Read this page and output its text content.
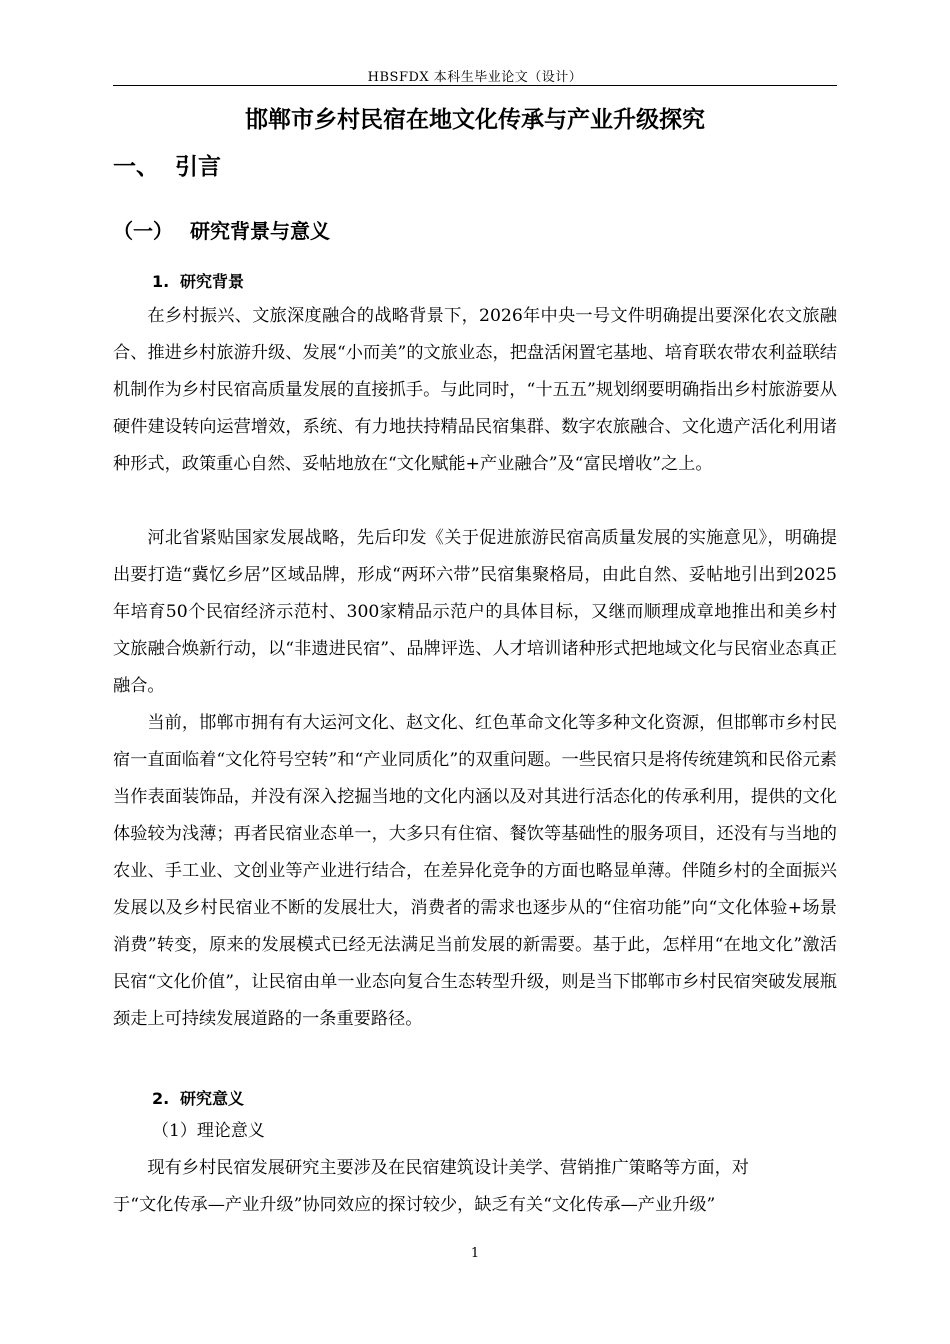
HBSFDX 本科生毕业论文（设计）
邯郸市乡村民宿在地文化传承与产业升级探究
一、 引言
（一） 研究背景与意义
1. 研究背景

在乡村振兴、文旅深度融合的战略背景下，2026年中央一号文件明确提出要深化农文旅融合、推进乡村旅游升级、发展“小而美”的文旅业态，把盘活闲置宅基地、培育联农带农利益联结机制作为乡村民宿高质量发展的直接抓手。与此同时，“十五五”规划纲要明确指出乡村旅游要从硬件建设转向运营增效，系统、有力地扶持精品民宿集群、数字农旅融合、文化遗产活化利用诸种形式，政策重心自然、妥帖地放在“文化赋能+产业融合”及“富民增收”之上。

河北省紧贴国家发展战略，先后印发《关于促进旅游民宿高质量发展的实施意见》，明确提出要打造“冀忆乡居”区域品牌，形成“两环六带”民宿集聚格局，由此自然、妥帖地引出到2025年培育50个民宿经济示范村、300家精品示范户的具体目标，又继而顺理成章地推出和美乡村文旅融合焕新行动，以“非遗进民宿”、品牌评选、人才培训诸种形式把地域文化与民宿业态真正融合。

当前，邯郸市拥有有大运河文化、赵文化、红色革命文化等多种文化资源，但邯郸市乡村民宿一直面临着“文化符号空转”和“产业同质化”的双重问题。一些民宿只是将传统建筑和民俗元素当作表面装饰品，并没有深入挖掘当地的文化内涵以及对其进行活态化的传承利用，提供的文化体验较为浅薄；再者民宿业态单一，大多只有住宿、餐饮等基础性的服务项目，还没有与当地的农业、手工业、文创业等产业进行结合，在差异化竞争的方面也略显单薄。伴随乡村的全面振兴发展以及乡村民宿业不断的发展壮大，消费者的需求也逐步从的“住宿功能”向“文化体验+场景消费”转变，原来的发展模式已经无法满足当前发展的新需要。基于此，怎样用“在地文化”激活民宿“文化价值”，让民宿由单一业态向复合生态转型升级，则是当下邯郸市乡村民宿突破发展瓶颈走上可持续发展道路的一条重要路径。

2. 研究意义
（1）理论意义

现有乡村民宿发展研究主要涉及在民宿建筑设计美学、营销推广策略等方面，对

于“文化传承—产业升级”协同效应的探讨较少，缺乏有关“文化传承—产业升级”

1
